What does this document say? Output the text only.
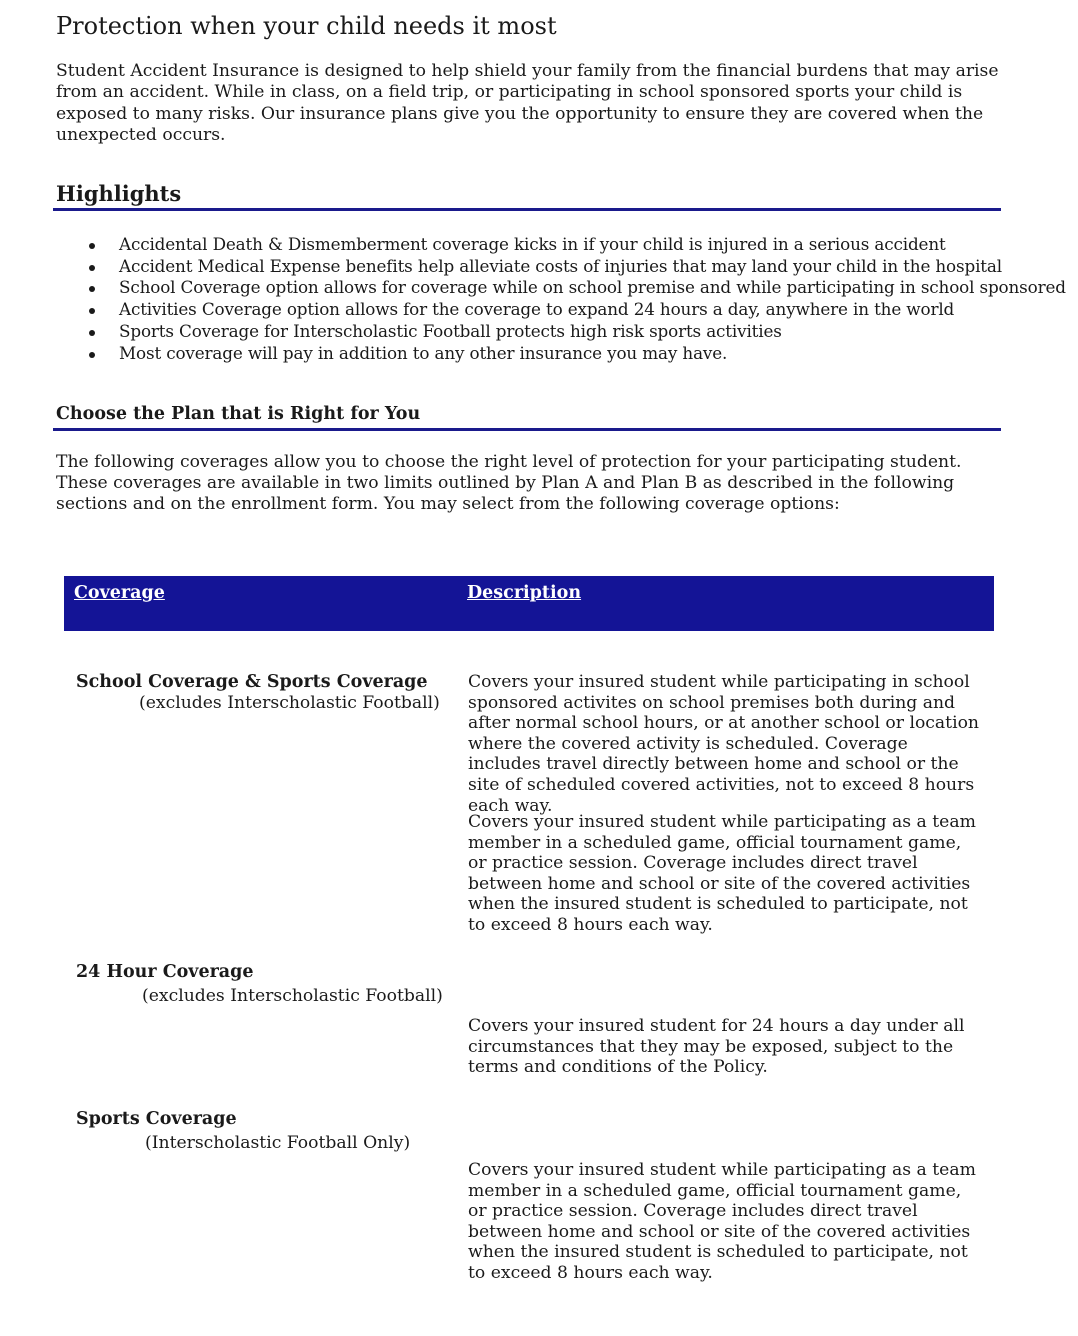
Protection when your child needs it most

Student Accident Insurance is designed to help shield your family from the financial burdens that may arise from an accident. While in class, on a field trip, or participating in school sponsored sports your child is exposed to many risks. Our insurance plans give you the opportunity to ensure they are covered when the unexpected occurs.

Highlights
Accidental Death & Dismemberment coverage kicks in if your child is injured in a serious accident
Accident Medical Expense benefits help alleviate costs of injuries that may land your child in the hospital
School Coverage option allows for coverage while on school premise and while participating in school sponsored
Activities Coverage option allows for the coverage to expand 24 hours a day, anywhere in the world
Sports Coverage for Interscholastic Football protects high risk sports activities
Most coverage will pay in addition to any other insurance you may have.
Choose the Plan that is Right for You

The following coverages allow you to choose the right level of protection for your participating student. These coverages are available in two limits outlined by Plan A and Plan B as described in the following sections and on the enrollment form. You may select from the following coverage options:

Coverage	Description

School Coverage & Sports Coverage

(excludes Interscholastic Football)

Covers your insured student while participating in school sponsored activites on school premises both during and after normal school hours, or at another school or location where the covered activity is scheduled. Coverage includes travel directly between home and school or the site of scheduled covered activities, not to exceed 8 hours each way.

Covers your insured student while participating as a team member in a scheduled game, official tournament game, or practice session. Coverage includes direct travel between home and school or site of the covered activities when the insured student is scheduled to participate, not to exceed 8 hours each way.

24 Hour Coverage

(excludes Interscholastic Football)

Covers your insured student for 24 hours a day under all circumstances that they may be exposed, subject to the terms and conditions of the Policy.

Sports Coverage

(Interscholastic Football Only)

Covers your insured student while participating as a team member in a scheduled game, official tournament game, or practice session. Coverage includes direct travel between home and school or site of the covered activities when the insured student is scheduled to participate, not to exceed 8 hours each way.
